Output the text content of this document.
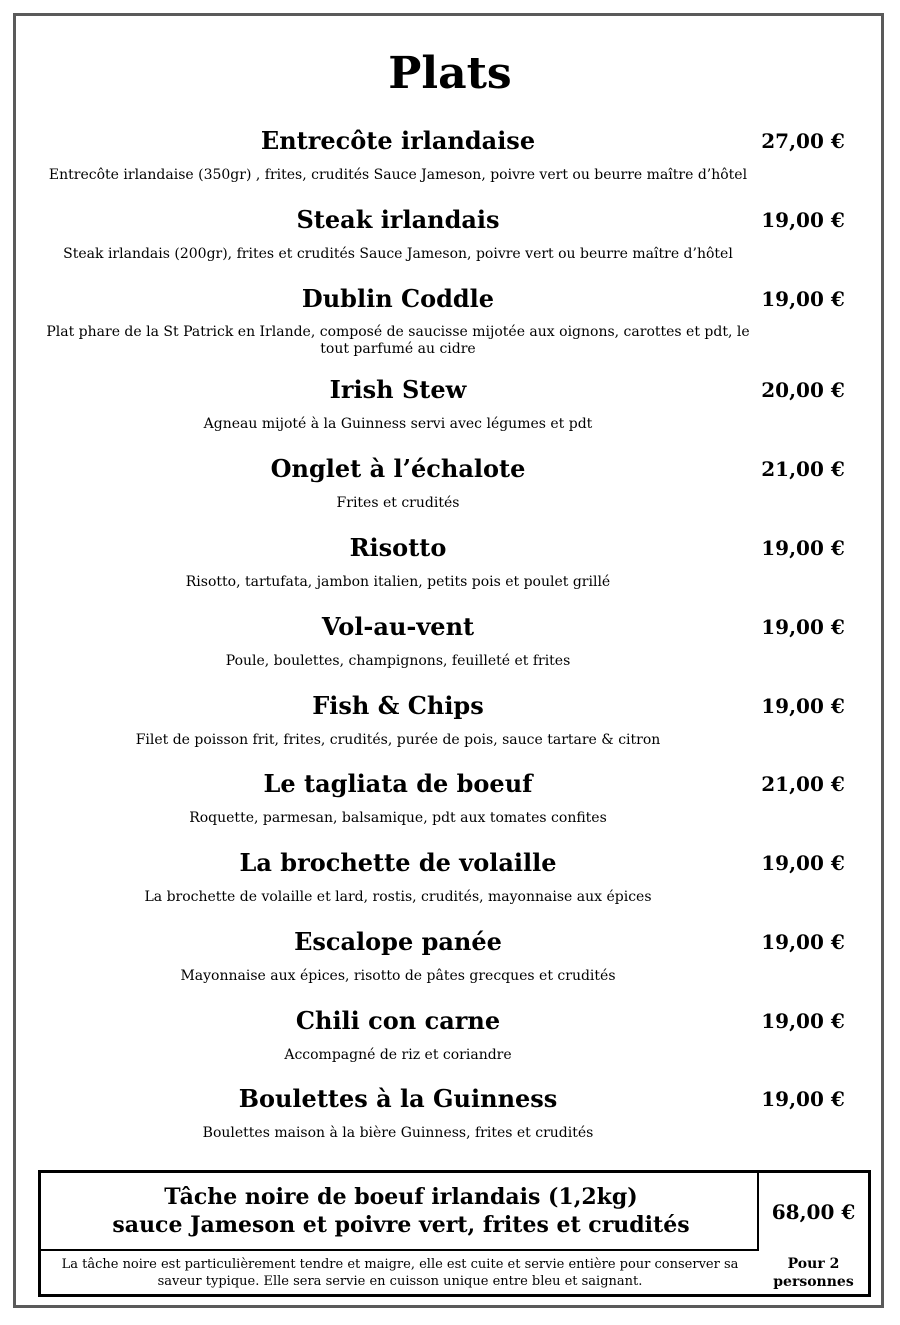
Plats
Entrecôte irlandaise	27,00 €
Entrecôte irlandaise (350gr) , frites, crudités Sauce Jameson, poivre vert ou beurre maître d’hôtel
Steak irlandais	19,00 €
Steak irlandais (200gr), frites et crudités Sauce Jameson, poivre vert ou beurre maître d’hôtel
Dublin Coddle	19,00 €
Plat phare de la St Patrick en Irlande, composé de saucisse mijotée aux oignons, carottes et pdt, le tout parfumé au cidre
Irish Stew	20,00 €
Agneau mijoté à la Guinness servi avec légumes et pdt
Onglet à l’échalote	21,00 €
Frites et crudités
Risotto	19,00 €
Risotto, tartufata, jambon italien, petits pois et poulet grillé
Vol-au-vent	19,00 €
Poule, boulettes, champignons, feuilleté et frites
Fish & Chips	19,00 €
Filet de poisson frit, frites, crudités, purée de pois, sauce tartare & citron
Le tagliata de boeuf	21,00 €
Roquette, parmesan, balsamique, pdt aux tomates confites
La brochette de volaille	19,00 €
La brochette de volaille et lard, rostis, crudités, mayonnaise aux épices
Escalope panée	19,00 €
Mayonnaise aux épices, risotto de pâtes grecques et crudités
Chili con carne	19,00 €
Accompagné de riz et coriandre
Boulettes à la Guinness	19,00 €
Boulettes maison à la bière Guinness, frites et crudités
Tâche noire de boeuf irlandais (1,2kg)
sauce Jameson et poivre vert, frites et crudités	68,00 €
La tâche noire est particulièrement tendre et maigre, elle est cuite et servie entière pour conserver sa saveur typique. Elle sera servie en cuisson unique entre bleu et saignant.
Pour 2
personnes
